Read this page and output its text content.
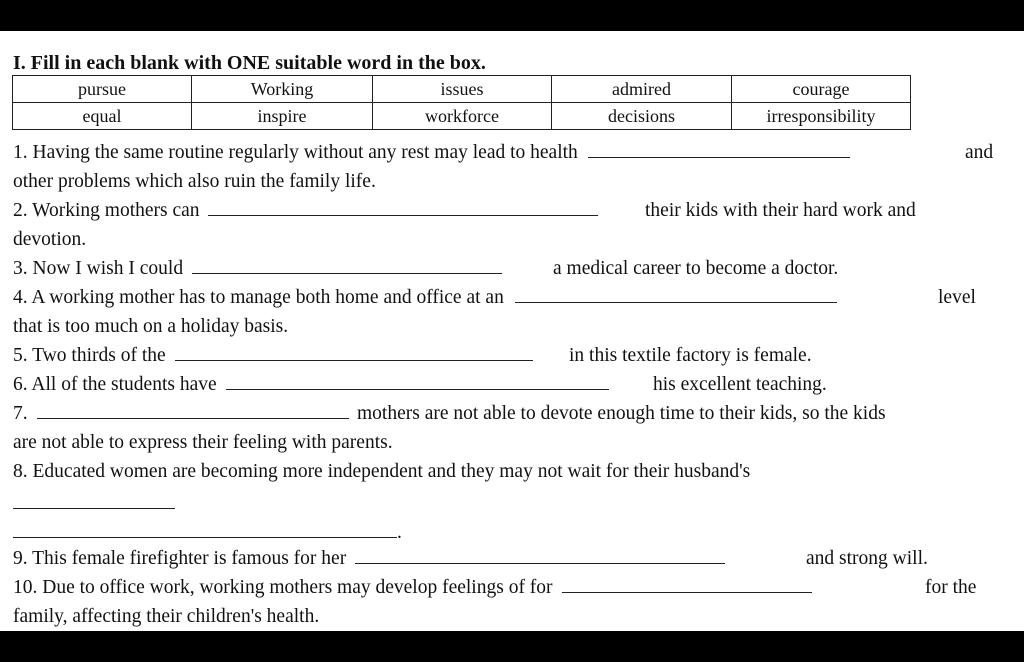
I. Fill in each blank with ONE suitable word in the box.
pursue	Working	issues	admired	courage
equal	inspire	workforce	decisions	irresponsibility
1. Having the same routine regularly without any rest may lead to health	and
other problems which also ruin the family life.
2. Working mothers can	their kids with their hard work and
devotion.
3. Now I wish I could	a medical career to become a doctor.
4. A working mother has to manage both home and office at an	level
that is too much on a holiday basis.
5. Two thirds of the	in this textile factory is female.
6. All of the students have	his excellent teaching.
7.	mothers are not able to devote enough time to their kids, so the kids
are not able to express their feeling with parents.
8. Educated women are becoming more independent and they may not wait for their husband's
.
9. This female firefighter is famous for her	and strong will.
10. Due to office work, working mothers may develop feelings of for	for the
family, affecting their children's health.
